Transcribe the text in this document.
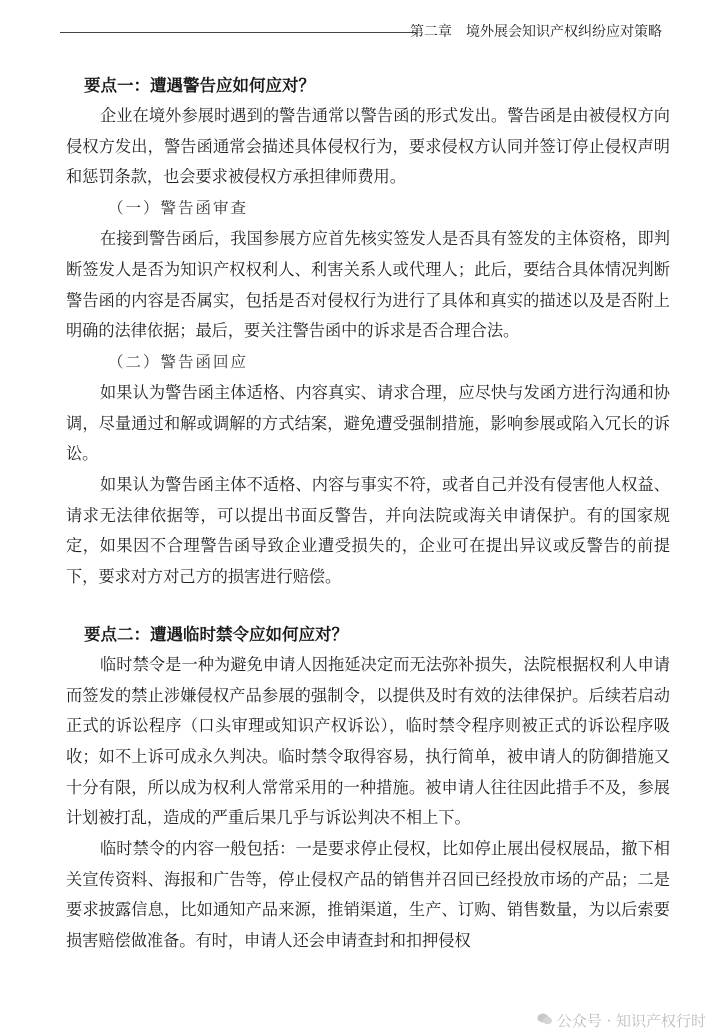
第二章　境外展会知识产权纠纷应对策略
要点一：遭遇警告应如何应对？

企业在境外参展时遇到的警告通常以警告函的形式发出。警告函是由被侵权方向侵权方发出，警告函通常会描述具体侵权行为，要求侵权方认同并签订停止侵权声明和惩罚条款，也会要求被侵权方承担律师费用。

（一）警告函审查

在接到警告函后，我国参展方应首先核实签发人是否具有签发的主体资格，即判断签发人是否为知识产权权利人、利害关系人或代理人；此后，要结合具体情况判断警告函的内容是否属实，包括是否对侵权行为进行了具体和真实的描述以及是否附上明确的法律依据；最后，要关注警告函中的诉求是否合理合法。

（二）警告函回应

如果认为警告函主体适格、内容真实、请求合理，应尽快与发函方进行沟通和协调，尽量通过和解或调解的方式结案，避免遭受强制措施，影响参展或陷入冗长的诉讼。

如果认为警告函主体不适格、内容与事实不符，或者自己并没有侵害他人权益、请求无法律依据等，可以提出书面反警告，并向法院或海关申请保护。有的国家规定，如果因不合理警告函导致企业遭受损失的，企业可在提出异议或反警告的前提下，要求对方对己方的损害进行赔偿。

要点二：遭遇临时禁令应如何应对？

临时禁令是一种为避免申请人因拖延决定而无法弥补损失，法院根据权利人申请而签发的禁止涉嫌侵权产品参展的强制令，以提供及时有效的法律保护。后续若启动正式的诉讼程序（口头审理或知识产权诉讼），临时禁令程序则被正式的诉讼程序吸收；如不上诉可成永久判决。临时禁令取得容易，执行简单，被申请人的防御措施又十分有限，所以成为权利人常常采用的一种措施。被申请人往往因此措手不及，参展计划被打乱，造成的严重后果几乎与诉讼判决不相上下。

临时禁令的内容一般包括：一是要求停止侵权，比如停止展出侵权展品，撤下相关宣传资料、海报和广告等，停止侵权产品的销售并召回已经投放市场的产品；二是要求披露信息，比如通知产品来源，推销渠道，生产、订购、销售数量，为以后索要损害赔偿做准备。有时，申请人还会申请查封和扣押侵权

公众号 · 知识产权行时
